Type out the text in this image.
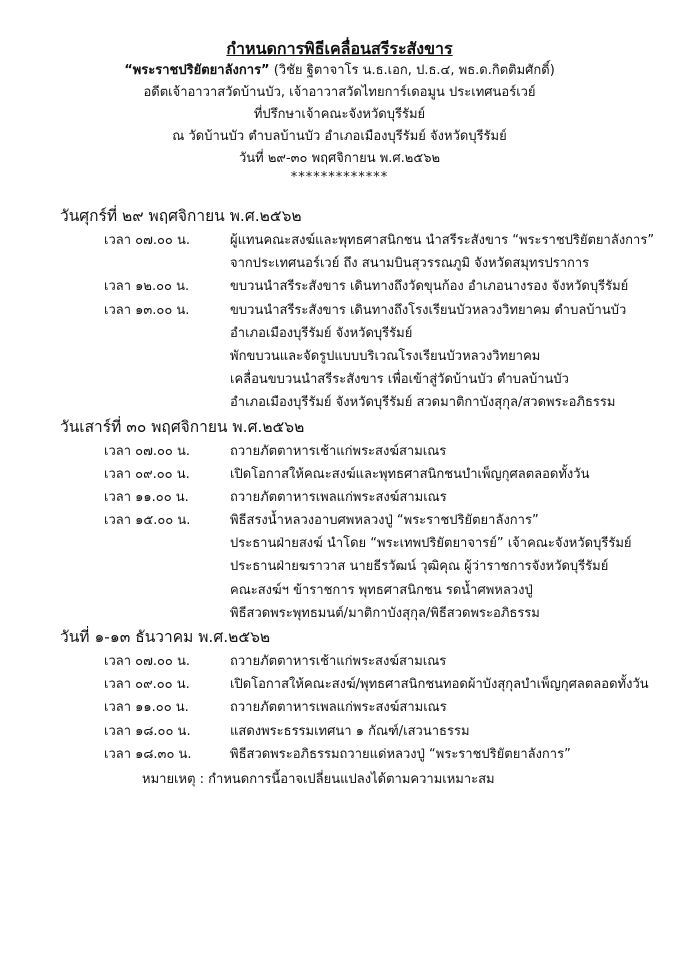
กำหนดการพิธีเคลื่อนสรีระสังขาร

“พระราชปริยัตยาลังการ” (วิชัย ฐิตาจาโร น.ธ.เอก, ป.ธ.๔, พธ.ด.กิตติมศักดิ์)

อดีตเจ้าอาวาสวัดบ้านบัว, เจ้าอาวาสวัดไทยการ์เดอมูน ประเทศนอร์เวย์

ที่ปรึกษาเจ้าคณะจังหวัดบุรีรัมย์

ณ วัดบ้านบัว ตำบลบ้านบัว อำเภอเมืองบุรีรัมย์ จังหวัดบุรีรัมย์

วันที่ ๒๙-๓๐ พฤศจิกายน พ.ศ.๒๕๖๒

*************
วันศุกร์ที่ ๒๙ พฤศจิกายน พ.ศ.๒๕๖๒
เวลา ๐๗.๐๐ น.	ผู้แทนคณะสงฆ์และพุทธศาสนิกชน นำสรีระสังขาร “พระราชปริยัตยาลังการ”
จากประเทศนอร์เวย์ ถึง สนามบินสุวรรณภูมิ จังหวัดสมุทรปราการ
เวลา ๑๒.๐๐ น.	ขบวนนำสรีระสังขาร เดินทางถึงวัดขุนก้อง อำเภอนางรอง จังหวัดบุรีรัมย์
เวลา ๑๓.๐๐ น.	ขบวนนำสรีระสังขาร เดินทางถึงโรงเรียนบัวหลวงวิทยาคม ตำบลบ้านบัว
อำเภอเมืองบุรีรัมย์ จังหวัดบุรีรัมย์
พักขบวนและจัดรูปแบบบริเวณโรงเรียนบัวหลวงวิทยาคม
เคลื่อนขบวนนำสรีระสังขาร เพื่อเข้าสู่วัดบ้านบัว ตำบลบ้านบัว
อำเภอเมืองบุรีรัมย์ จังหวัดบุรีรัมย์ สวดมาติกาบังสุกุล/สวดพระอภิธรรม
วันเสาร์ที่ ๓๐ พฤศจิกายน พ.ศ.๒๕๖๒
เวลา ๐๗.๐๐ น.	ถวายภัตตาหารเช้าแก่พระสงฆ์สามเณร
เวลา ๐๙.๐๐ น.	เปิดโอกาสให้คณะสงฆ์และพุทธศาสนิกชนบำเพ็ญกุศลตลอดทั้งวัน
เวลา ๑๑.๐๐ น.	ถวายภัตตาหารเพลแก่พระสงฆ์สามเณร
เวลา ๑๕.๐๐ น.	พิธีสรงน้ำหลวงอาบศพหลวงปู่ “พระราชปริยัตยาลังการ”
ประธานฝ่ายสงฆ์ นำโดย “พระเทพปริยัตยาจารย์” เจ้าคณะจังหวัดบุรีรัมย์
ประธานฝ่ายฆราวาส นายธีรวัฒน์ วุฒิคุณ ผู้ว่าราชการจังหวัดบุรีรัมย์
คณะสงฆ์ฯ ข้าราชการ พุทธศาสนิกชน รดน้ำศพหลวงปู่
พิธีสวดพระพุทธมนต์/มาติกาบังสุกุล/พิธีสวดพระอภิธรรม
วันที่ ๑-๑๓ ธันวาคม พ.ศ.๒๕๖๒
เวลา ๐๗.๐๐ น.	ถวายภัตตาหารเช้าแก่พระสงฆ์สามเณร
เวลา ๐๙.๐๐ น.	เปิดโอกาสให้คณะสงฆ์/พุทธศาสนิกชนทอดผ้าบังสุกุลบำเพ็ญกุศลตลอดทั้งวัน
เวลา ๑๑.๐๐ น.	ถวายภัตตาหารเพลแก่พระสงฆ์สามเณร
เวลา ๑๘.๐๐ น.	แสดงพระธรรมเทศนา ๑ กัณฑ์/เสวนาธรรม
เวลา ๑๘.๓๐ น.	พิธีสวดพระอภิธรรมถวายแด่หลวงปู่ “พระราชปริยัตยาลังการ”
หมายเหตุ : กำหนดการนี้อาจเปลี่ยนแปลงได้ตามความเหมาะสม
